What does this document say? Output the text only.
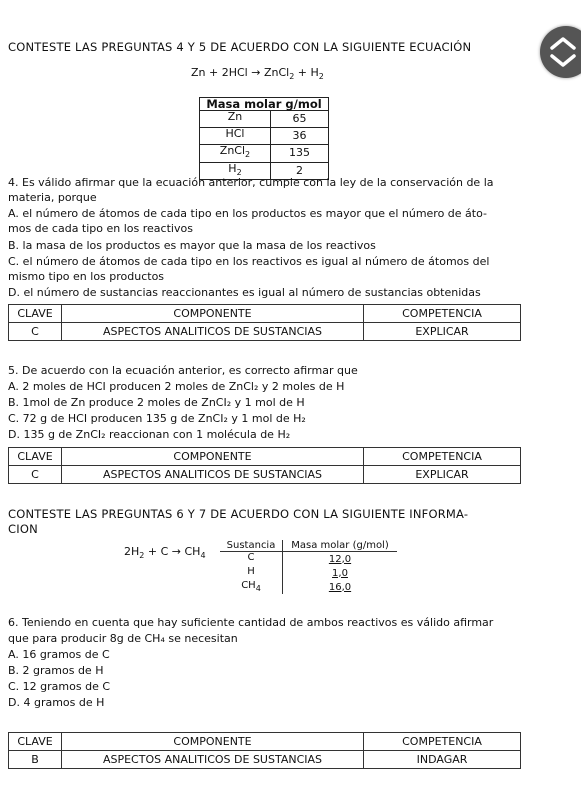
CONTESTE LAS PREGUNTAS 4 Y 5 DE ACUERDO CON LA SIGUIENTE ECUACIÓN
Zn + 2HCl → ZnCl$_2$ + $H_2$
Masa molar g/mol	
Zn	65
HCl	36
ZnCl$_2$	135
$H_2$	2
4. Es válido afirmar que la ecuación anterior, cumple con la ley de la conservación de la
materia, porque
A. el número de átomos de cada tipo en los productos es mayor que el número de áto-
mos de cada tipo en los reactivos
B. la masa de los productos es mayor que la masa de los reactivos
C. el número de átomos de cada tipo en los reactivos es igual al número de átomos del
mismo tipo en los productos
D. el número de sustancias reaccionantes es igual al número de sustancias obtenidas
CLAVE	COMPONENTE	COMPETENCIA
C	ASPECTOS ANALITICOS DE SUSTANCIAS	EXPLICAR
5. De acuerdo con la ecuación anterior, es correcto afirmar que
A. 2 moles de HCI producen 2 moles de ZnCl₂ y 2 moles de H
B. 1mol de Zn produce 2 moles de ZnCI₂ y 1 mol de H
C. 72 g de HCI producen 135 g de ZnCI₂ y 1 mol de H₂
D. 135 g de ZnCI₂ reaccionan con 1 molécula de H₂
CLAVE	COMPONENTE	COMPETENCIA
C	ASPECTOS ANALITICOS DE SUSTANCIAS	EXPLICAR
CONTESTE LAS PREGUNTAS 6 Y 7 DE ACUERDO CON LA SIGUIENTE INFORMA-
CION
$2H_2 + C \to CH_4$
Sustancia	Masa molar (g/mol)
C	12,0
H	1,0
$CH_4$	16,0
6. Teniendo en cuenta que hay suficiente cantidad de ambos reactivos es válido afirmar
que para producir 8g de CH₄ se necesitan
A. 16 gramos de C
B. 2 gramos de H
C. 12 gramos de C
D. 4 gramos de H
CLAVE	COMPONENTE	COMPETENCIA
B	ASPECTOS ANALITICOS DE SUSTANCIAS	INDAGAR
